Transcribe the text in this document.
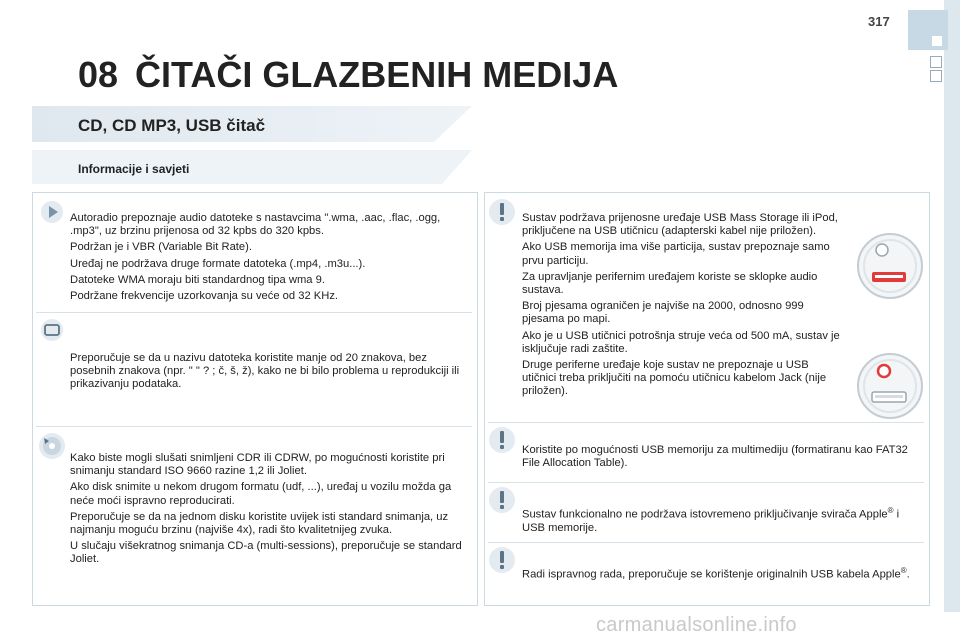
317
08 ČITAČI GLAZBENIH MEDIJA
CD, CD MP3, USB čitač
Informacije i savjeti

Autoradio prepoznaje audio datoteke s nastavcima ".wma, .aac, .flac, .ogg, .mp3", uz brzinu prijenosa od 32 kpbs do 320 kpbs.

Podržan je i VBR (Variable Bit Rate).

Uređaj ne podržava druge formate datoteka (.mp4, .m3u...).

Datoteke WMA moraju biti standardnog tipa wma 9.

Podržane frekvencije uzorkovanja su veće od 32 KHz.

Preporučuje se da u nazivu datoteka koristite manje od 20 znakova, bez posebnih znakova (npr. " " ? ; č, š, ž), kako ne bi bilo problema u reprodukciji ili prikazivanju podataka.

Kako biste mogli slušati snimljeni CDR ili CDRW, po mogućnosti koristite pri snimanju standard ISO 9660 razine 1,2 ili Joliet.

Ako disk snimite u nekom drugom formatu (udf, ...), uređaj u vozilu možda ga neće moći ispravno reproducirati.

Preporučuje se da na jednom disku koristite uvijek isti standard snimanja, uz najmanju moguću brzinu (najviše 4x), radi što kvalitetnijeg zvuka.

U slučaju višekratnog snimanja CD-a (multi-sessions), preporučuje se standard Joliet.

Sustav podržava prijenosne uređaje USB Mass Storage ili iPod, priključene na USB utičnicu (adapterski kabel nije priložen).

Ako USB memorija ima više particija, sustav prepoznaje samo prvu particiju.

Za upravljanje perifernim uređajem koriste se sklopke audio sustava.

Broj pjesama ograničen je najviše na 2000, odnosno 999 pjesama po mapi.

Ako je u USB utičnici potrošnja struje veća od 500 mA, sustav je isključuje radi zaštite.

Druge periferne uređaje koje sustav ne prepoznaje u USB utičnici treba priključiti na pomoću utičnicu kabelom Jack (nije priložen).

Koristite po mogućnosti USB memoriju za multimediju (formatiranu kao FAT32 File Allocation Table).

Sustav funkcionalno ne podržava istovremeno priključivanje svirača Apple® i USB memorije.

Radi ispravnog rada, preporučuje se korištenje originalnih USB kabela Apple®.

carmanualsonline.info
